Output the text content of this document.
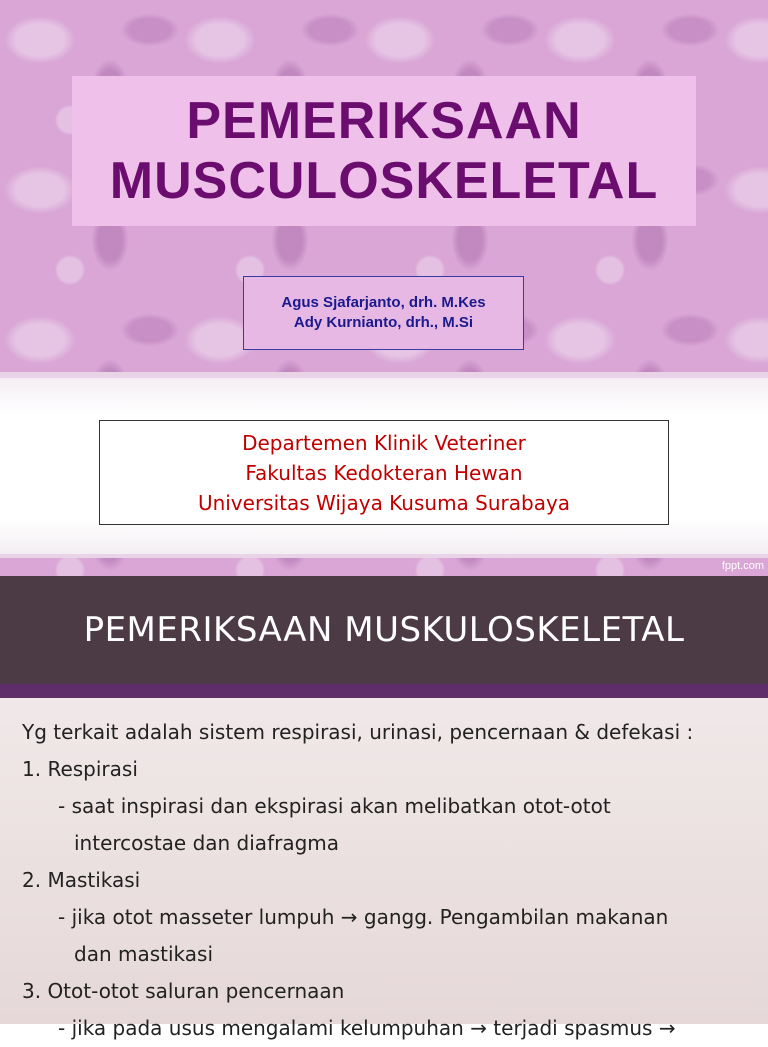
PEMERIKSAAN
MUSCULOSKELETAL
Agus Sjafarjanto, drh. M.Kes
Ady Kurnianto, drh., M.Si
Departemen Klinik Veteriner
Fakultas Kedokteran Hewan
Universitas Wijaya Kusuma Surabaya
fppt.com
PEMERIKSAAN MUSKULOSKELETAL
Yg terkait adalah sistem respirasi, urinasi, pencernaan & defekasi :
1. Respirasi
- saat inspirasi dan ekspirasi akan melibatkan otot-otot
intercostae dan diafragma
2. Mastikasi
- jika otot masseter lumpuh → gangg. Pengambilan makanan
dan mastikasi
3. Otot-otot saluran pencernaan
- jika pada usus mengalami kelumpuhan → terjadi spasmus →
